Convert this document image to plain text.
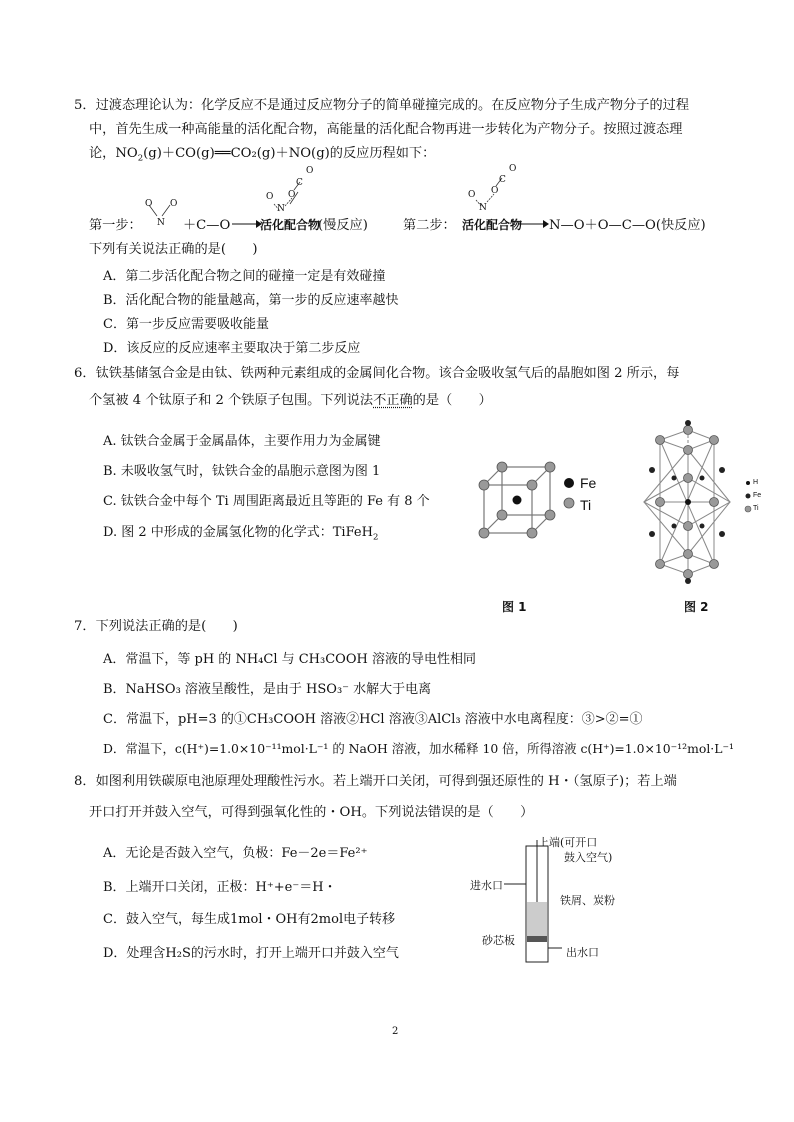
5．过渡态理论认为：化学反应不是通过反应物分子的简单碰撞完成的。在反应物分子生成产物分子的过程
中，首先生成一种高能量的活化配合物，高能量的活化配合物再进一步转化为产物分子。按照过渡态理
论，$NO_2(g)+CO(g)══CO_2(g)+NO(g)$的反应历程如下：
第一步：
O
N
O
＋C—O
O
N
O
C
O
活化配合物
(慢反应)	第二步：
O
N
O
C
O
活化配合物 N—O＋O—C—O(快反应)
下列有关说法正确的是(　　)
A．第二步活化配合物之间的碰撞一定是有效碰撞
B．活化配合物的能量越高，第一步的反应速率越快
C．第一步反应需要吸收能量
D．该反应的反应速率主要取决于第二步反应
6．钛铁基储氢合金是由钛、铁两种元素组成的金属间化合物。该合金吸收氢气后的晶胞如图 2 所示，每
个氢被 4 个钛原子和 2 个铁原子包围。下列说法不正确的是（　　）
A. 钛铁合金属于金属晶体，主要作用力为金属键
B. 未吸收氢气时，钛铁合金的晶胞示意图为图 1
C. 钛铁合金中每个 Ti 周围距离最近且等距的 Fe 有 8 个
D. 图 2 中形成的金属氢化物的化学式：TiFeH$_2$
Fe
Ti
H
Fe
Ti
图 1	图 2
7．下列说法正确的是(　　)
A．常温下，等 pH 的 NH₄Cl 与 CH₃COOH 溶液的导电性相同
B．NaHSO₃ 溶液呈酸性，是由于 HSO₃⁻ 水解大于电离
C．常温下，pH=3 的①CH₃COOH 溶液②HCl 溶液③AlCl₃ 溶液中水电离程度：③>②=①
D．常温下，c(H⁺)=1.0×10⁻¹¹mol·L⁻¹ 的 NaOH 溶液，加水稀释 10 倍，所得溶液 c(H⁺)=1.0×10⁻¹²mol·L⁻¹
8．如图利用铁碳原电池原理处理酸性污水。若上端开口关闭，可得到强还原性的 H・（氢原子)；若上端
开口打开并鼓入空气，可得到强氧化性的・OH。下列说法错误的是（　　）
A．无论是否鼓入空气，负极：Fe－2e＝Fe²⁺
B．上端开口关闭，正极：H⁺+e⁻＝H・
C．鼓入空气，每生成1mol・OH有2mol电子转移
D．处理含H₂S的污水时，打开上端开口并鼓入空气
上端(可开口
鼓入空气)
进水口
铁屑、炭粉
砂芯板
出水口
2
